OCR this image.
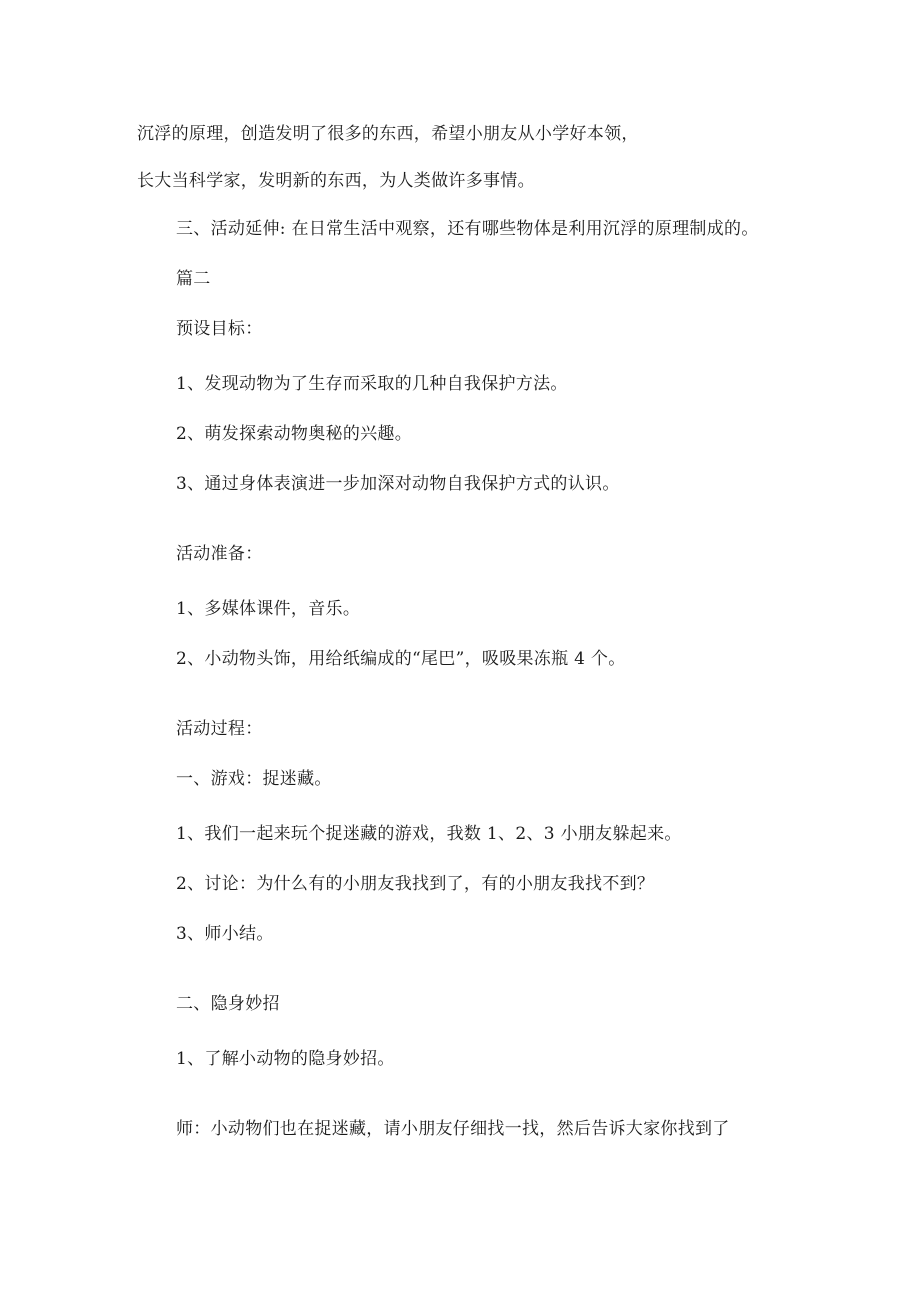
沉浮的原理，创造发明了很多的东西，希望小朋友从小学好本领，
长大当科学家，发明新的东西，为人类做许多事情。
三、活动延伸: 在日常生活中观察，还有哪些物体是利用沉浮的原理制成的。
篇二
预设目标：
1、发现动物为了生存而采取的几种自我保护方法。
2、萌发探索动物奥秘的兴趣。
3、通过身体表演进一步加深对动物自我保护方式的认识。
活动准备：
1、多媒体课件，音乐。
2、小动物头饰，用给纸编成的“尾巴”，吸吸果冻瓶 4 个。
活动过程：
一、游戏：捉迷藏。
1、我们一起来玩个捉迷藏的游戏，我数 1、2、3 小朋友躲起来。
2、讨论：为什么有的小朋友我找到了，有的小朋友我找不到？
3、师小结。
二、隐身妙招
1、了解小动物的隐身妙招。
师：小动物们也在捉迷藏，请小朋友仔细找一找，然后告诉大家你找到了
